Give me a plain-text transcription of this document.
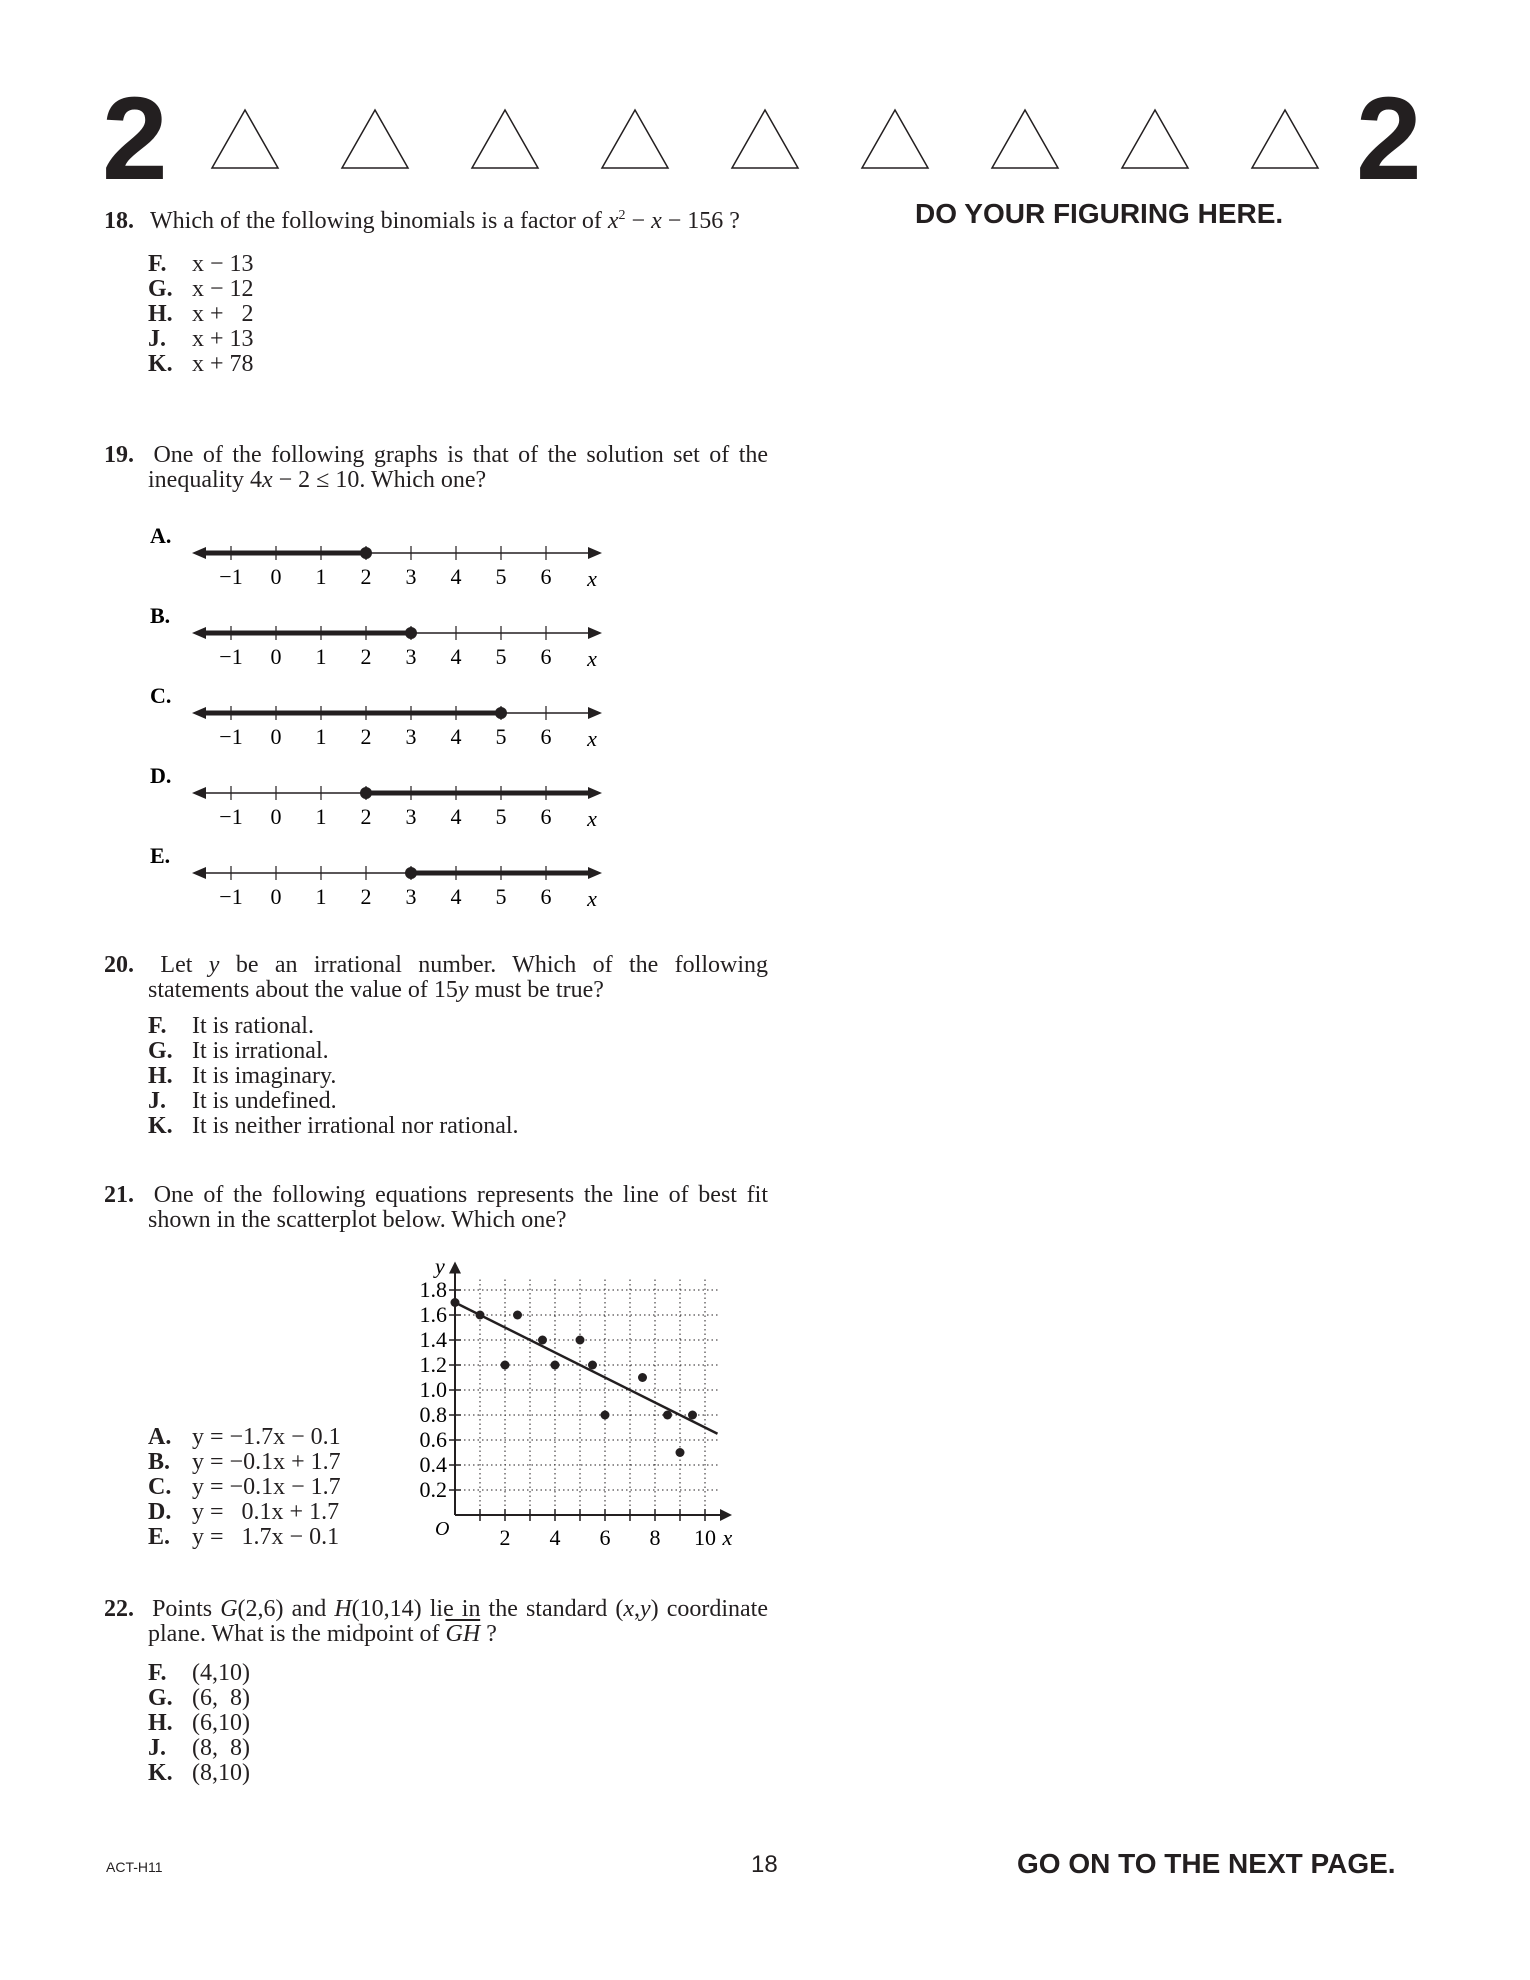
2	2
DO YOUR FIGURING HERE.
18. Which of the following binomials is a factor of $x^2 - x - 156$ ?
F. x − 13
G. x − 12
H. x +   2
J. x + 13
K. x + 78
19. One of the following graphs is that of the solution set of the inequality 4x − 2 ≤ 10. Which one?
A.
−1 0 1 2 3 4 5 6 x
B.
−1 0 1 2 3 4 5 6 x
C.
−1 0 1 2 3 4 5 6 x
D.
−1 0 1 2 3 4 5 6 x
E.
−1 0 1 2 3 4 5 6 x
20. Let y be an irrational number. Which of the following statements about the value of 15y must be true?
F. It is rational.
G. It is irrational.
H. It is imaginary.
J. It is undefined.
K. It is neither irrational nor rational.
21. One of the following equations represents the line of best fit shown in the scatterplot below. Which one?
A. y = −1.7x − 0.1
B. y = −0.1x + 1.7
C. y = −0.1x − 1.7
D. y =   0.1x + 1.7
E. y =   1.7x − 0.1	2 4 6 8 10
0.2
0.4
0.6
0.8
1.0
1.2
1.4
1.6
1.8
x
y
O
22. Points G(2,6) and H(10,14) lie in the standard (x,y) coordinate plane. What is the midpoint of $\overline{GH}$ ?
F. (4,10)
G. (6,  8)
H. (6,10)
J. (8,  8)
K. (8,10)
ACT-H11	18	GO ON TO THE NEXT PAGE.
